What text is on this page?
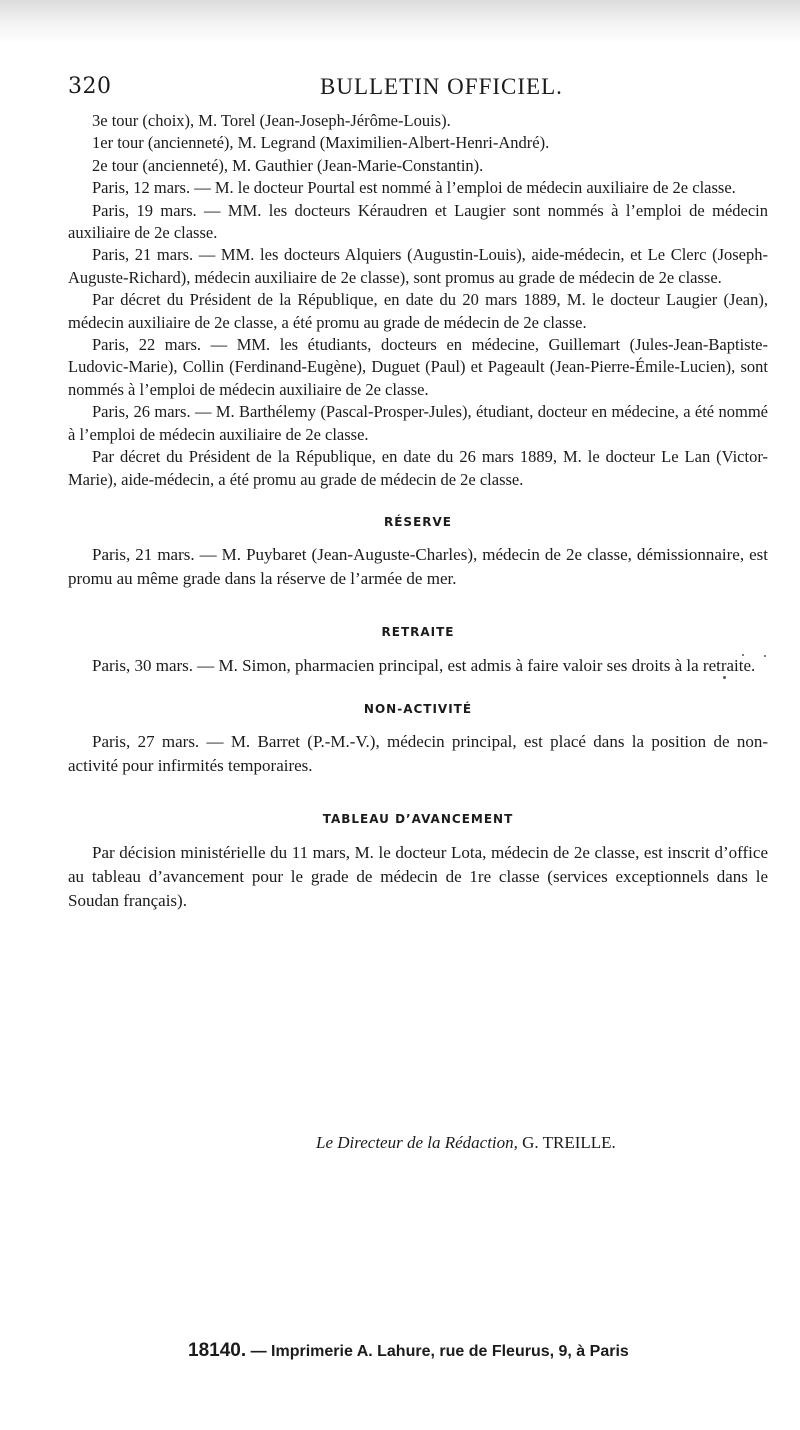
320	BULLETIN OFFICIEL.

3e tour (choix), M. Torel (Jean-Joseph-Jérôme-Louis).

1er tour (ancienneté), M. Legrand (Maximilien-Albert-Henri-André).

2e tour (ancienneté), M. Gauthier (Jean-Marie-Constantin).

Paris, 12 mars. — M. le docteur Pourtal est nommé à l’emploi de médecin auxiliaire de 2e classe.

Paris, 19 mars. — MM. les docteurs Kéraudren et Laugier sont nommés à l’emploi de médecin auxiliaire de 2e classe.

Paris, 21 mars. — MM. les docteurs Alquiers (Augustin-Louis), aide-médecin, et Le Clerc (Joseph-Auguste-Richard), médecin auxiliaire de 2e classe), sont promus au grade de médecin de 2e classe.

Par décret du Président de la République, en date du 20 mars 1889, M. le docteur Laugier (Jean), médecin auxiliaire de 2e classe, a été promu au grade de médecin de 2e classe.

Paris, 22 mars. — MM. les étudiants, docteurs en médecine, Guillemart (Jules-Jean-Baptiste-Ludovic-Marie), Collin (Ferdinand-Eugène), Duguet (Paul) et Pageault (Jean-Pierre-Émile-Lucien), sont nommés à l’emploi de médecin auxiliaire de 2e classe.

Paris, 26 mars. — M. Barthélemy (Pascal-Prosper-Jules), étudiant, docteur en médecine, a été nommé à l’emploi de médecin auxiliaire de 2e classe.

Par décret du Président de la République, en date du 26 mars 1889, M. le docteur Le Lan (Victor-Marie), aide-médecin, a été promu au grade de médecin de 2e classe.

RÉSERVE

Paris, 21 mars. — M. Puybaret (Jean-Auguste-Charles), médecin de 2e classe, démissionnaire, est promu au même grade dans la réserve de l’armée de mer.

RETRAITE

Paris, 30 mars. — M. Simon, pharmacien principal, est admis à faire valoir ses droits à la retraite.

NON-ACTIVITÉ

Paris, 27 mars. — M. Barret (P.-M.-V.), médecin principal, est placé dans la position de non-activité pour infirmités temporaires.

TABLEAU D’AVANCEMENT

Par décision ministérielle du 11 mars, M. le docteur Lota, médecin de 2e classe, est inscrit d’office au tableau d’avancement pour le grade de médecin de 1re classe (services exceptionnels dans le Soudan français).

Le Directeur de la Rédaction, G. TREILLE.
18140. — Imprimerie A. Lahure, rue de Fleurus, 9, à Paris
